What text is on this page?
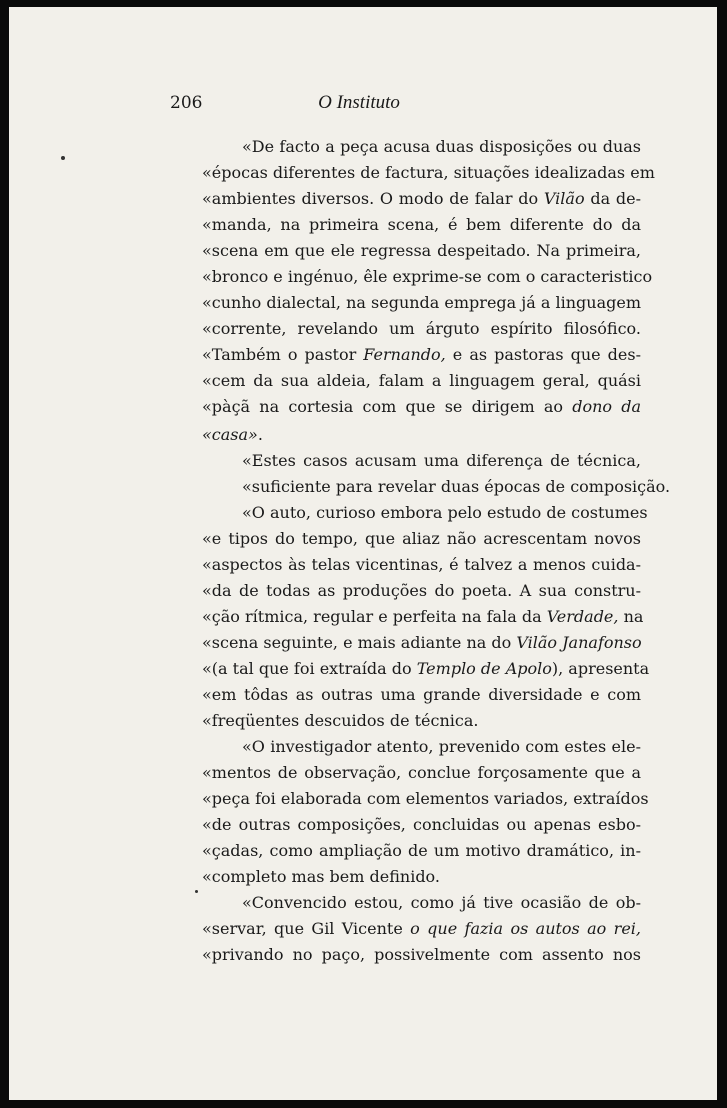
206	O Instituto
«De facto a peça acusa duas disposições ou duas
«épocas diferentes de factura, situações idealizadas em
«ambientes diversos. O modo de falar do Vilão da de-
«manda, na primeira scena, é bem diferente do da
«scena em que ele regressa despeitado. Na primeira,
«bronco e ingénuo, êle exprime-se com o caracteristico
«cunho dialectal, na segunda emprega já a linguagem
«corrente, revelando um árguto espírito filosófico.
«Também o pastor Fernando, e as pastoras que des-
«cem da sua aldeia, falam a linguagem geral, quási
«pàçã na cortesia com que se dirigem ao dono da
«casa».
«Estes casos acusam uma diferença de técnica,
«suficiente para revelar duas épocas de composição.
«O auto, curioso embora pelo estudo de costumes
«e tipos do tempo, que aliaz não acrescentam novos
«aspectos às telas vicentinas, é talvez a menos cuida-
«da de todas as produções do poeta. A sua constru-
«ção rítmica, regular e perfeita na fala da Verdade, na
«scena seguinte, e mais adiante na do Vilão Janafonso
«(a tal que foi extraída do Templo de Apolo), apresenta
«em tôdas as outras uma grande diversidade e com
«freqüentes descuidos de técnica.
«O investigador atento, prevenido com estes ele-
«mentos de observação, conclue forçosamente que a
«peça foi elaborada com elementos variados, extraídos
«de outras composições, concluidas ou apenas esbo-
«çadas, como ampliação de um motivo dramático, in-
«completo mas bem definido.
«Convencido estou, como já tive ocasião de ob-
«servar, que Gil Vicente o que fazia os autos ao rei,
«privando no paço, possivelmente com assento nos
